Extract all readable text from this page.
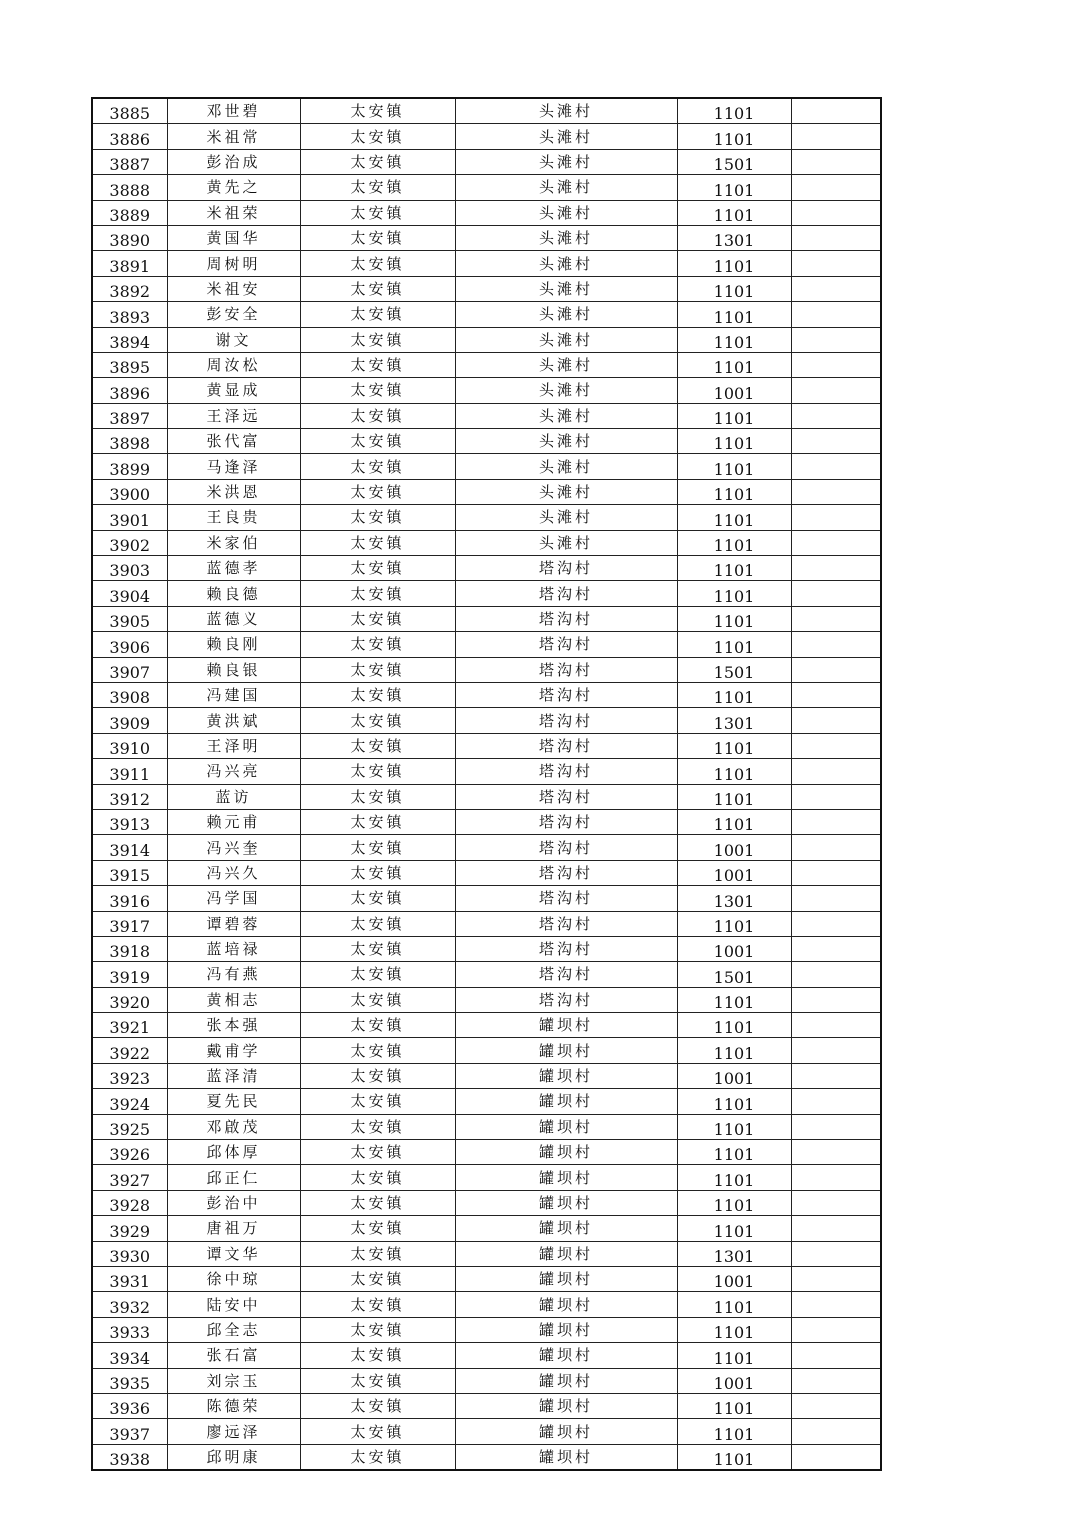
3885	邓世碧	太安镇	头滩村	1101	
3886	米祖常	太安镇	头滩村	1101	
3887	彭治成	太安镇	头滩村	1501	
3888	黄先之	太安镇	头滩村	1101	
3889	米祖荣	太安镇	头滩村	1101	
3890	黄国华	太安镇	头滩村	1301	
3891	周树明	太安镇	头滩村	1101	
3892	米祖安	太安镇	头滩村	1101	
3893	彭安全	太安镇	头滩村	1101	
3894	谢文	太安镇	头滩村	1101	
3895	周汝松	太安镇	头滩村	1101	
3896	黄显成	太安镇	头滩村	1001	
3897	王泽远	太安镇	头滩村	1101	
3898	张代富	太安镇	头滩村	1101	
3899	马逢泽	太安镇	头滩村	1101	
3900	米洪恩	太安镇	头滩村	1101	
3901	王良贵	太安镇	头滩村	1101	
3902	米家伯	太安镇	头滩村	1101	
3903	蓝德孝	太安镇	塔沟村	1101	
3904	赖良德	太安镇	塔沟村	1101	
3905	蓝德义	太安镇	塔沟村	1101	
3906	赖良刚	太安镇	塔沟村	1101	
3907	赖良银	太安镇	塔沟村	1501	
3908	冯建国	太安镇	塔沟村	1101	
3909	黄洪斌	太安镇	塔沟村	1301	
3910	王泽明	太安镇	塔沟村	1101	
3911	冯兴亮	太安镇	塔沟村	1101	
3912	蓝访	太安镇	塔沟村	1101	
3913	赖元甫	太安镇	塔沟村	1101	
3914	冯兴奎	太安镇	塔沟村	1001	
3915	冯兴久	太安镇	塔沟村	1001	
3916	冯学国	太安镇	塔沟村	1301	
3917	谭碧蓉	太安镇	塔沟村	1101	
3918	蓝培禄	太安镇	塔沟村	1001	
3919	冯有燕	太安镇	塔沟村	1501	
3920	黄相志	太安镇	塔沟村	1101	
3921	张本强	太安镇	罐坝村	1101	
3922	戴甫学	太安镇	罐坝村	1101	
3923	蓝泽清	太安镇	罐坝村	1001	
3924	夏先民	太安镇	罐坝村	1101	
3925	邓啟茂	太安镇	罐坝村	1101	
3926	邱体厚	太安镇	罐坝村	1101	
3927	邱正仁	太安镇	罐坝村	1101	
3928	彭治中	太安镇	罐坝村	1101	
3929	唐祖万	太安镇	罐坝村	1101	
3930	谭文华	太安镇	罐坝村	1301	
3931	徐中琼	太安镇	罐坝村	1001	
3932	陆安中	太安镇	罐坝村	1101	
3933	邱全志	太安镇	罐坝村	1101	
3934	张石富	太安镇	罐坝村	1101	
3935	刘宗玉	太安镇	罐坝村	1001	
3936	陈德荣	太安镇	罐坝村	1101	
3937	廖远泽	太安镇	罐坝村	1101	
3938	邱明康	太安镇	罐坝村	1101	
